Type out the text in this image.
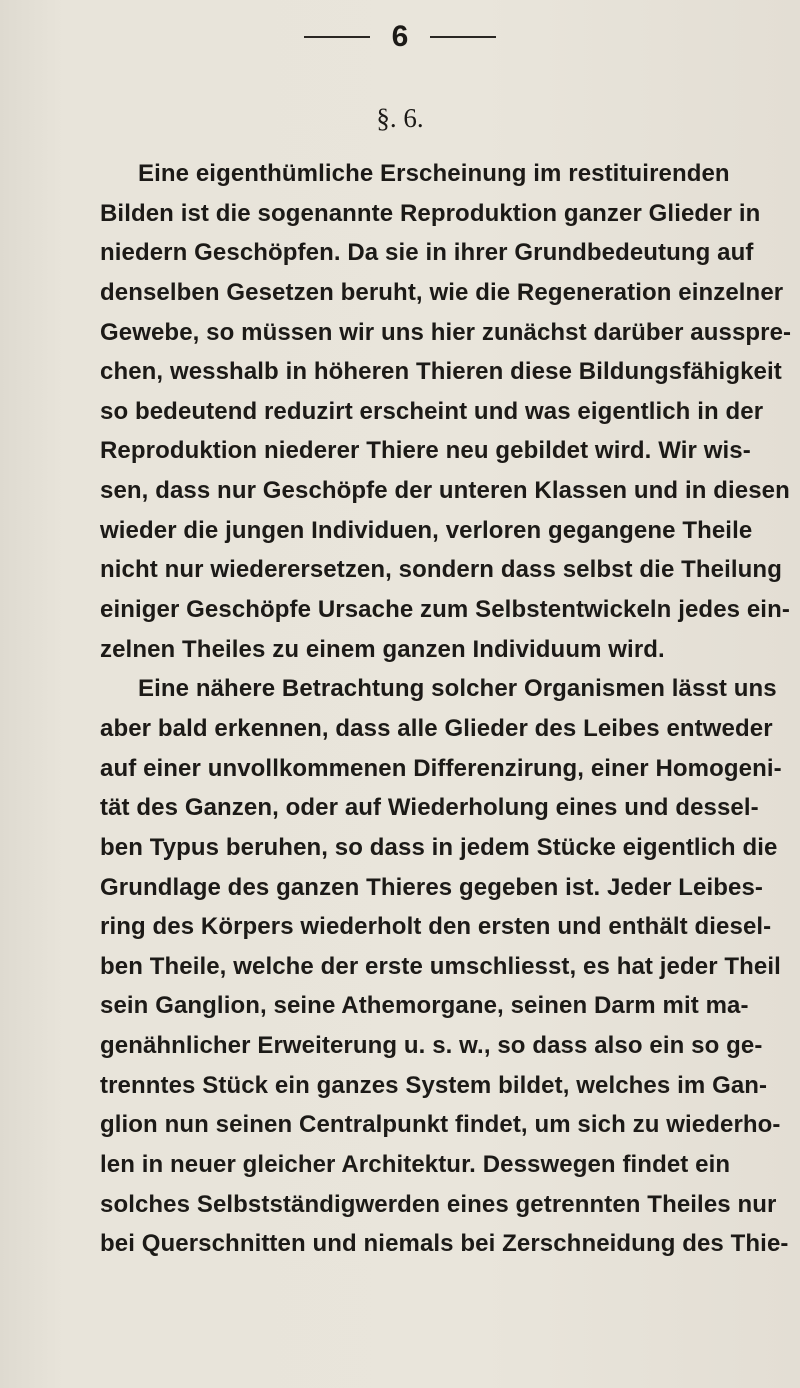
6
§. 6.
Eine eigenthümliche Erscheinung im restituirenden
Bilden ist die sogenannte Reproduktion ganzer Glieder in
niedern Geschöpfen. Da sie in ihrer Grundbedeutung auf
denselben Gesetzen beruht, wie die Regeneration einzelner
Gewebe, so müssen wir uns hier zunächst darüber ausspre-
chen, wesshalb in höheren Thieren diese Bildungsfähigkeit
so bedeutend reduzirt erscheint und was eigentlich in der
Reproduktion niederer Thiere neu gebildet wird. Wir wis-
sen, dass nur Geschöpfe der unteren Klassen und in diesen
wieder die jungen Individuen, verloren gegangene Theile
nicht nur wiederersetzen, sondern dass selbst die Theilung
einiger Geschöpfe Ursache zum Selbstentwickeln jedes ein-
zelnen Theiles zu einem ganzen Individuum wird.
Eine nähere Betrachtung solcher Organismen lässt uns
aber bald erkennen, dass alle Glieder des Leibes entweder
auf einer unvollkommenen Differenzirung, einer Homogeni-
tät des Ganzen, oder auf Wiederholung eines und dessel-
ben Typus beruhen, so dass in jedem Stücke eigentlich die
Grundlage des ganzen Thieres gegeben ist. Jeder Leibes-
ring des Körpers wiederholt den ersten und enthält diesel-
ben Theile, welche der erste umschliesst, es hat jeder Theil
sein Ganglion, seine Athemorgane, seinen Darm mit ma-
genähnlicher Erweiterung u. s. w., so dass also ein so ge-
trenntes Stück ein ganzes System bildet, welches im Gan-
glion nun seinen Centralpunkt findet, um sich zu wiederho-
len in neuer gleicher Architektur. Desswegen findet ein
solches Selbstständigwerden eines getrennten Theiles nur
bei Querschnitten und niemals bei Zerschneidung des Thie-
